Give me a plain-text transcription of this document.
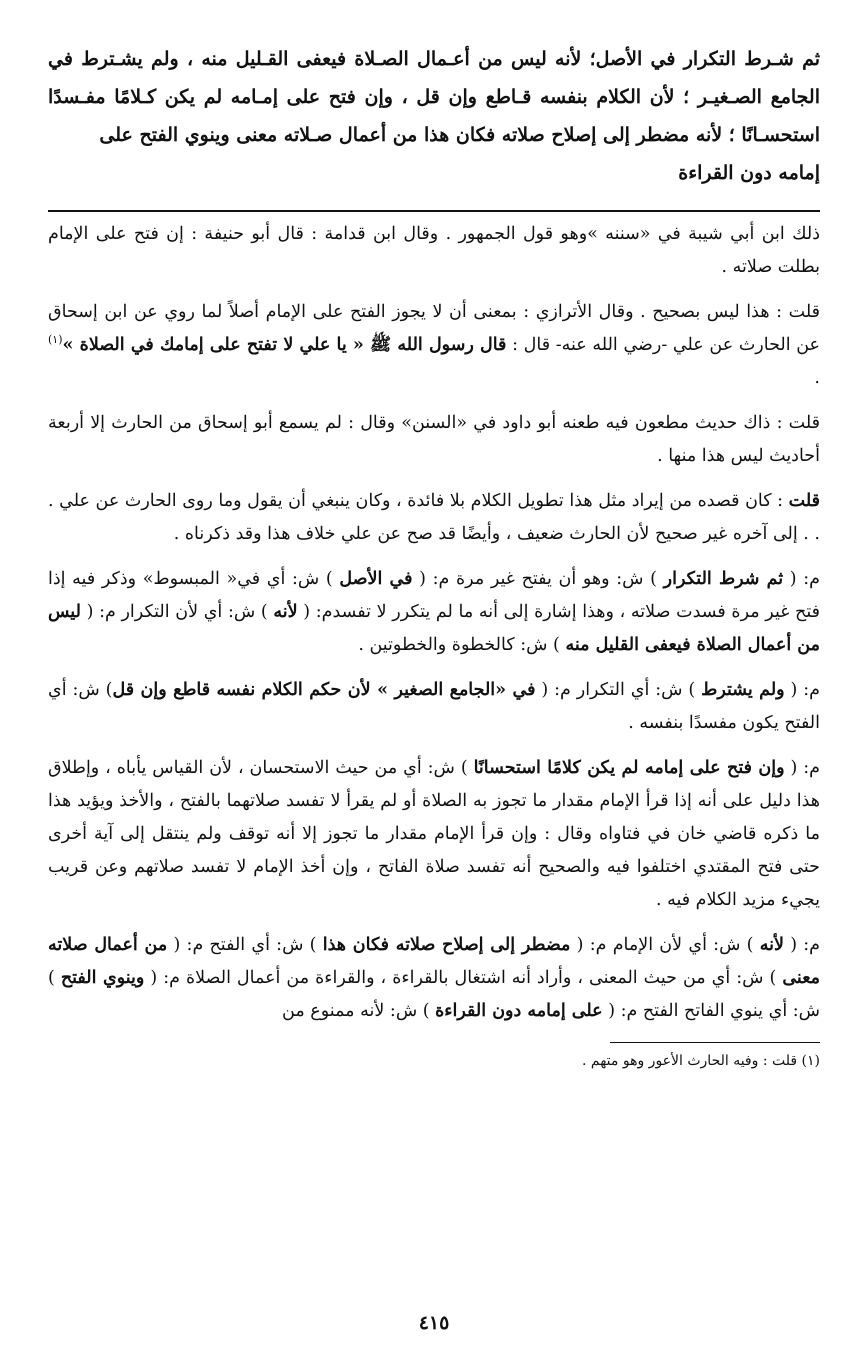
ثم شـرط التكرار في الأصل؛ لأنه ليس من أعـمال الصـلاة فيعفى القـليل منه ، ولم يشـترط في الجامع الصـغيـر ؛ لأن الكلام بنفسه قـاطع وإن قل ، وإن فتح على إمـامه لم يكن كـلامًا مفـسدًا استحسـانًا ؛ لأنه مضطر إلى إصلاح صلاته فكان هذا من أعمال صـلاته معنى وينوي الفتح على
إمامه دون القراءة

ذلك ابن أبي شيبة في «سننه »وهو قول الجمهور . وقال ابن قدامة : قال أبو حنيفة : إن فتح على الإمام بطلت صلاته .

قلت : هذا ليس بصحيح . وقال الأترازي : بمعنى أن لا يجوز الفتح على الإمام أصلاً لما روي عن ابن إسحاق عن الحارث عن علي -رضي الله عنه- قال : قال رسول الله ﷺ « يا علي لا تفتح على إمامك في الصلاة »$^{(١)}$ .

قلت : ذاك حديث مطعون فيه طعنه أبو داود في «السنن» وقال : لم يسمع أبو إسحاق من الحارث إلا أربعة أحاديث ليس هذا منها .

قلت : كان قصده من إيراد مثل هذا تطويل الكلام بلا فائدة ، وكان ينبغي أن يقول وما روى الحارث عن علي . . . إلى آخره غير صحيح لأن الحارث ضعيف ، وأيضًا قد صح عن علي خلاف هذا وقد ذكرناه .

م: ( ثم شرط التكرار ) ش: وهو أن يفتح غير مرة م: ( في الأصل ) ش: أي في« المبسوط» وذكر فيه إذا فتح غير مرة فسدت صلاته ، وهذا إشارة إلى أنه ما لم يتكرر لا تفسدم: ( لأنه ) ش: أي لأن التكرار م: ( ليس من أعمال الصلاة فيعفى القليل منه ) ش: كالخطوة والخطوتين .

م: ( ولم يشترط ) ش: أي التكرار م: ( في «الجامع الصغير » لأن حكم الكلام نفسه قاطع وإن قل) ش: أي الفتح يكون مفسدًا بنفسه .

م: ( وإن فتح على إمامه لم يكن كلامًا استحسانًا ) ش: أي من حيث الاستحسان ، لأن القياس يأباه ، وإطلاق هذا دليل على أنه إذا قرأ الإمام مقدار ما تجوز به الصلاة أو لم يقرأ لا تفسد صلاتهما بالفتح ، والأخذ ويؤيد هذا ما ذكره قاضي خان في فتاواه وقال : وإن قرأ الإمام مقدار ما تجوز إلا أنه توقف ولم ينتقل إلى آية أخرى حتى فتح المقتدي اختلفوا فيه والصحيح أنه تفسد صلاة الفاتح ، وإن أخذ الإمام لا تفسد صلاتهم وعن قريب يجيء مزيد الكلام فيه .

م: ( لأنه ) ش: أي لأن الإمام م: ( مضطر إلى إصلاح صلاته فكان هذا ) ش: أي الفتح م: ( من أعمال صلاته معنى ) ش: أي من حيث المعنى ، وأراد أنه اشتغال بالقراءة ، والقراءة من أعمال الصلاة م: ( وينوي الفتح ) ش: أي ينوي الفاتح الفتح م: ( على إمامه دون القراءة ) ش: لأنه ممنوع من

(١) قلت : وفيه الحارث الأعور وهو متهم .
٤١٥
